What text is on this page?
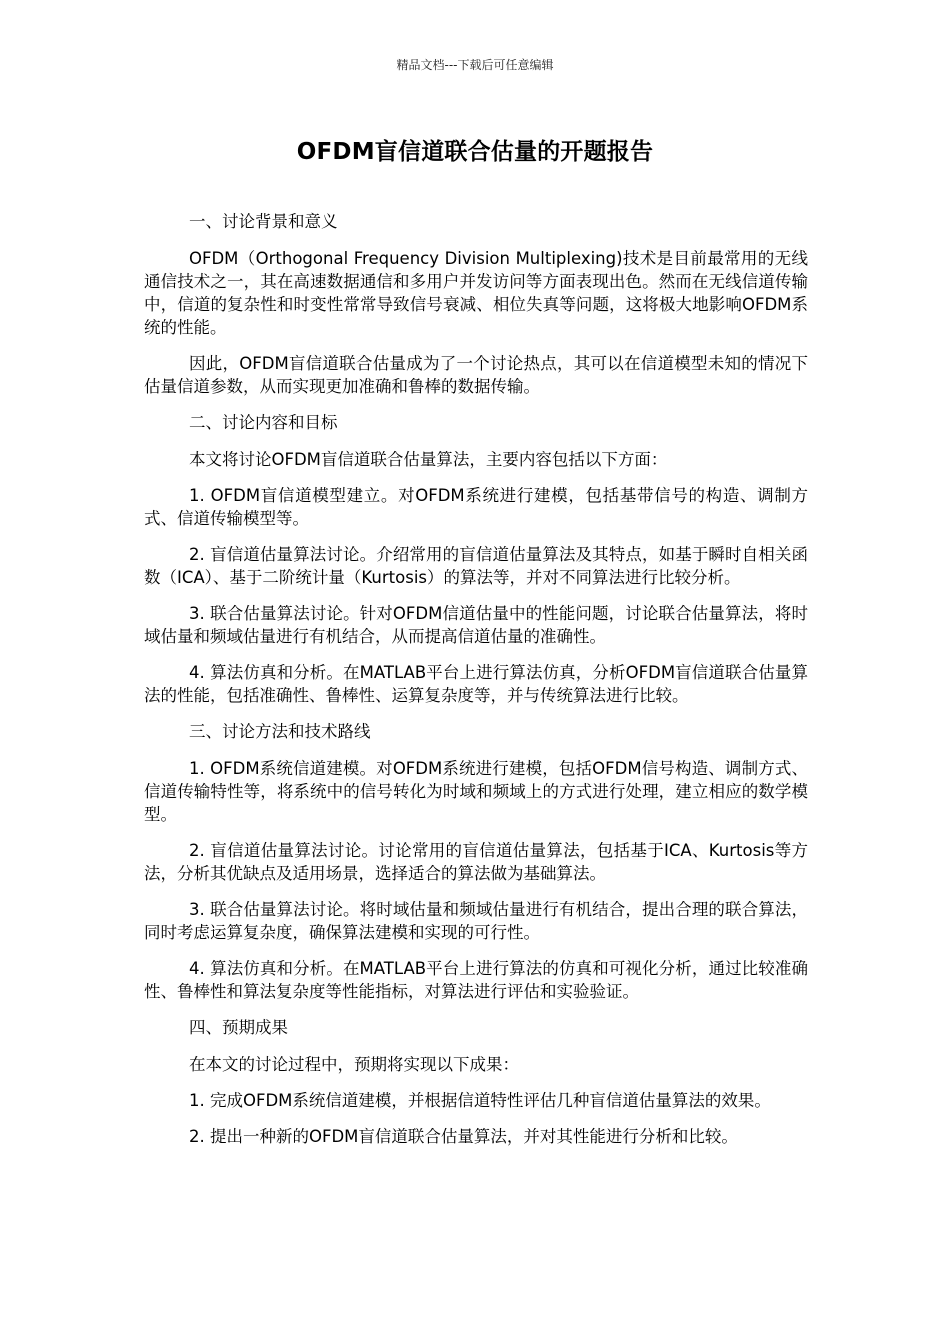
精品文档---下载后可任意编辑
OFDM盲信道联合估量的开题报告

一、讨论背景和意义

OFDM（Orthogonal Frequency Division Multiplexing)技术是目前最常用的无线通信技术之一，其在高速数据通信和多用户并发访问等方面表现出色。然而在无线信道传输中，信道的复杂性和时变性常常导致信号衰减、相位失真等问题，这将极大地影响OFDM系统的性能。

因此，OFDM盲信道联合估量成为了一个讨论热点，其可以在信道模型未知的情况下估量信道参数，从而实现更加准确和鲁棒的数据传输。

二、讨论内容和目标

本文将讨论OFDM盲信道联合估量算法，主要内容包括以下方面：

1. OFDM盲信道模型建立。对OFDM系统进行建模，包括基带信号的构造、调制方式、信道传输模型等。

2. 盲信道估量算法讨论。介绍常用的盲信道估量算法及其特点，如基于瞬时自相关函数（ICA）、基于二阶统计量（Kurtosis）的算法等，并对不同算法进行比较分析。

3. 联合估量算法讨论。针对OFDM信道估量中的性能问题，讨论联合估量算法，将时域估量和频域估量进行有机结合，从而提高信道估量的准确性。

4. 算法仿真和分析。在MATLAB平台上进行算法仿真，分析OFDM盲信道联合估量算法的性能，包括准确性、鲁棒性、运算复杂度等，并与传统算法进行比较。

三、讨论方法和技术路线

1. OFDM系统信道建模。对OFDM系统进行建模，包括OFDM信号构造、调制方式、信道传输特性等，将系统中的信号转化为时域和频域上的方式进行处理，建立相应的数学模型。

2. 盲信道估量算法讨论。讨论常用的盲信道估量算法，包括基于ICA、Kurtosis等方法，分析其优缺点及适用场景，选择适合的算法做为基础算法。

3. 联合估量算法讨论。将时域估量和频域估量进行有机结合，提出合理的联合算法，同时考虑运算复杂度，确保算法建模和实现的可行性。

4. 算法仿真和分析。在MATLAB平台上进行算法的仿真和可视化分析，通过比较准确性、鲁棒性和算法复杂度等性能指标，对算法进行评估和实验验证。

四、预期成果

在本文的讨论过程中，预期将实现以下成果：

1. 完成OFDM系统信道建模，并根据信道特性评估几种盲信道估量算法的效果。

2. 提出一种新的OFDM盲信道联合估量算法，并对其性能进行分析和比较。
